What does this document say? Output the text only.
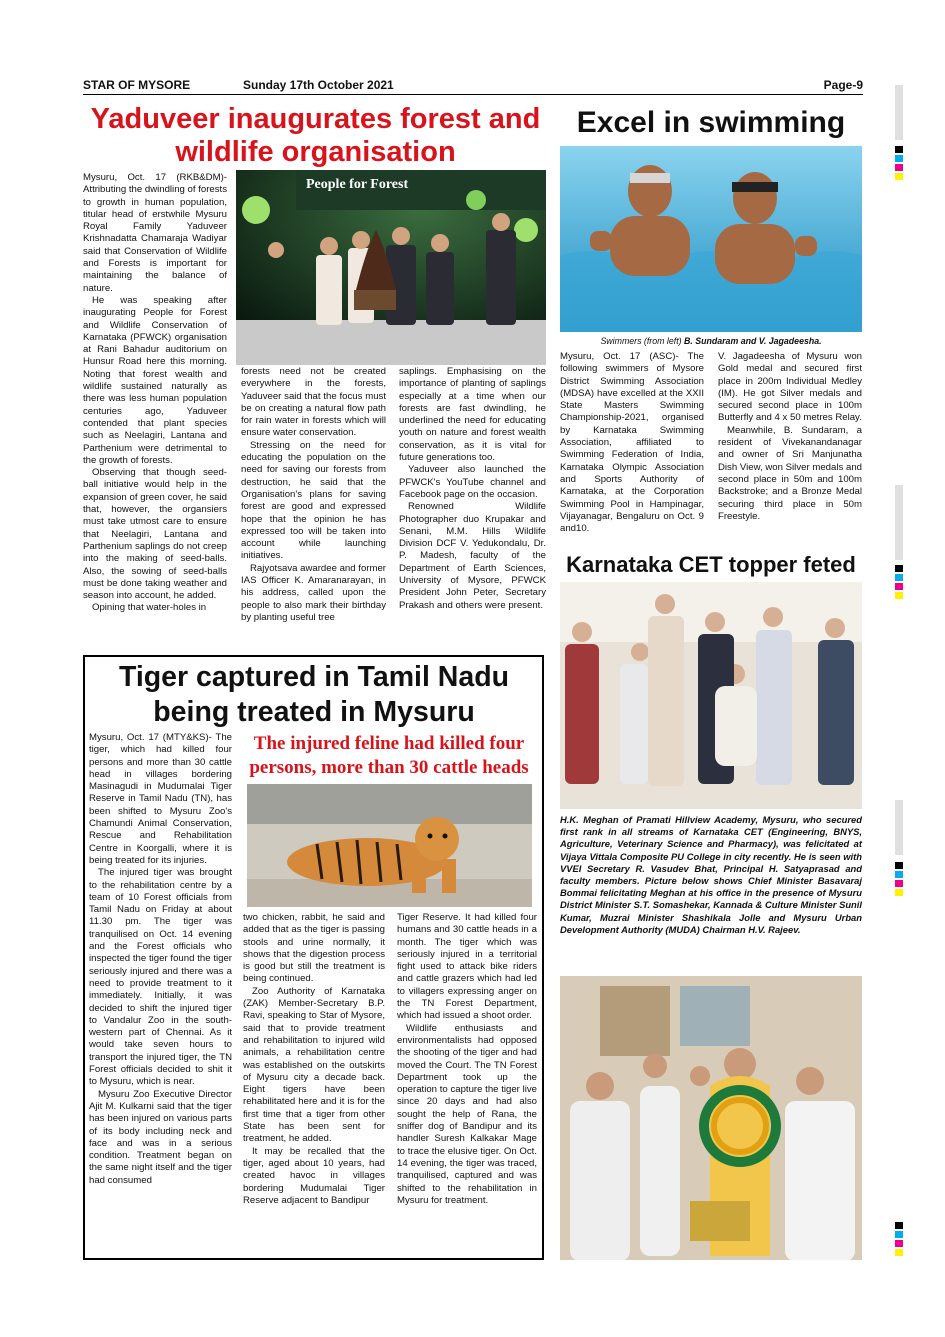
STAR OF MYSORE	Sunday 17th October 2021	Page-9
Yaduveer inaugurates forest and wildlife organisation

Mysuru, Oct. 17 (RKB&DM)- Attributing the dwindling of forests to growth in human population, titular head of erstwhile Mysuru Royal Family Yaduveer Krishnadatta Chamaraja Wadiyar said that Conservation of Wildlife and Forests is important for maintaining the balance of nature.

He was speaking after inaugurating People for Forest and Wildlife Conservation of Karnataka (PFWCK) organisation at Rani Bahadur auditorium on Hunsur Road here this morning. Noting that forest wealth and wildlife sustained naturally as there was less human population centuries ago, Yaduveer contended that plant species such as Neelagiri, Lantana and Parthenium were detrimental to the growth of forests.

Observing that though seed-ball initiative would help in the expansion of green cover, he said that, however, the organsiers must take utmost care to ensure that Neelagiri, Lantana and Parthenium saplings do not creep into the making of seed-balls. Also, the sowing of seed-balls must be done taking weather and season into account, he added.

Opining that water-holes in

People for Forest

forests need not be created everywhere in the forests, Yaduveer said that the focus must be on creating a natural flow path for rain water in forests which will ensure water conservation.

Stressing on the need for educating the population on the need for saving our forests from destruction, he said that the Organisation's plans for saving forest are good and expressed hope that the opinion he has expressed too will be taken into account while launching initiatives.

Rajyotsava awardee and former IAS Officer K. Amaranarayan, in his address, called upon the people to also mark their birthday by planting useful tree

saplings. Emphasising on the importance of planting of saplings especially at a time when our forests are fast dwindling, he underlined the need for educating youth on nature and forest wealth conservation, as it is vital for future generations too.

Yaduveer also launched the PFWCK's YouTube channel and Facebook page on the occasion.

Renowned Wildlife Photographer duo Krupakar and Senani, M.M. Hills Wildlife Division DCF V. Yedukondalu, Dr. P. Madesh, faculty of the Department of Earth Sciences, University of Mysore, PFWCK President John Peter, Secretary Prakash and others were present.

Excel in swimming
Swimmers (from left) B. Sundaram and V. Jagadeesha.

Mysuru, Oct. 17 (ASC)- The following swimmers of Mysore District Swimming Association (MDSA) have excelled at the XXII State Masters Swimming Championship-2021, organised by Karnataka Swimming Association, affiliated to Swimming Federation of India, Karnataka Olympic Association and Sports Authority of Karnataka, at the Corporation Swimming Pool in Hampinagar, Vijayanagar, Bengaluru on Oct. 9 and10.

V. Jagadeesha of Mysuru won Gold medal and secured first place in 200m Individual Medley (IM). He got Silver medals and secured second place in 100m Butterfly and 4 x 50 metres Relay.

Meanwhile, B. Sundaram, a resident of Vivekanandanagar and owner of Sri Manjunatha Dish View, won Silver medals and second place in 50m and 100m Backstroke; and a Bronze Medal securing third place in 50m Freestyle.

Karnataka CET topper feted
H.K. Meghan of Pramati Hillview Academy, Mysuru, who secured first rank in all streams of Karnataka CET (Engineering, BNYS, Agriculture, Veterinary Science and Pharmacy), was felicitated at Vijaya Vittala Composite PU College in city recently. He is seen with VVEI Secretary R. Vasudev Bhat, Principal H. Satyaprasad and faculty members. Picture below shows Chief Minister Basavaraj Bommai felicitating Meghan at his office in the presence of Mysuru District Minister S.T. Somashekar, Kannada & Culture Minister Sunil Kumar, Muzrai Minister Shashikala Jolle and Mysuru Urban Development Authority (MUDA) Chairman H.V. Rajeev.
Tiger captured in Tamil Nadu being treated in Mysuru

Mysuru, Oct. 17 (MTY&KS)- The tiger, which had killed four persons and more than 30 cattle head in villages bordering Masinagudi in Mudumalai Tiger Reserve in Tamil Nadu (TN), has been shifted to Mysuru Zoo's Chamundi Animal Conservation, Rescue and Rehabilitation Centre in Koorgalli, where it is being treated for its injuries.

The injured tiger was brought to the rehabilitation centre by a team of 10 Forest officials from Tamil Nadu on Friday at about 11.30 pm. The tiger was tranquilised on Oct. 14 evening and the Forest officials who inspected the tiger found the tiger seriously injured and there was a need to provide treatment to it immediately. Initially, it was decided to shift the injured tiger to Vandalur Zoo in the south-western part of Chennai. As it would take seven hours to transport the injured tiger, the TN Forest officials decided to shit it to Mysuru, which is near.

Mysuru Zoo Executive Director Ajit M. Kulkarni said that the tiger has been injured on various parts of its body including neck and face and was in a serious condition. Treatment began on the same night itself and the tiger had consumed

The injured feline had killed four persons, more than 30 cattle heads

two chicken, rabbit, he said and added that as the tiger is passing stools and urine normally, it shows that the digestion process is good but still the treatment is being continued.

Zoo Authority of Karnataka (ZAK) Member-Secretary B.P. Ravi, speaking to Star of Mysore, said that to provide treatment and rehabilitation to injured wild animals, a rehabilitation centre was established on the outskirts of Mysuru city a decade back. Eight tigers have been rehabilitated here and it is for the first time that a tiger from other State has been sent for treatment, he added.

It may be recalled that the tiger, aged about 10 years, had created havoc in villages bordering Mudumalai Tiger Reserve adjacent to Bandipur

Tiger Reserve. It had killed four humans and 30 cattle heads in a month. The tiger which was seriously injured in a territorial fight used to attack bike riders and cattle grazers which had led to villagers expressing anger on the TN Forest Department, which had issued a shoot order.

Wildlife enthusiasts and environmentalists had opposed the shooting of the tiger and had moved the Court. The TN Forest Department took up the operation to capture the tiger live since 20 days and had also sought the help of Rana, the sniffer dog of Bandipur and its handler Suresh Kalkakar Mage to trace the elusive tiger. On Oct. 14 evening, the tiger was traced, tranquilised, captured and was shifted to the rehabilitation in Mysuru for treatment.
